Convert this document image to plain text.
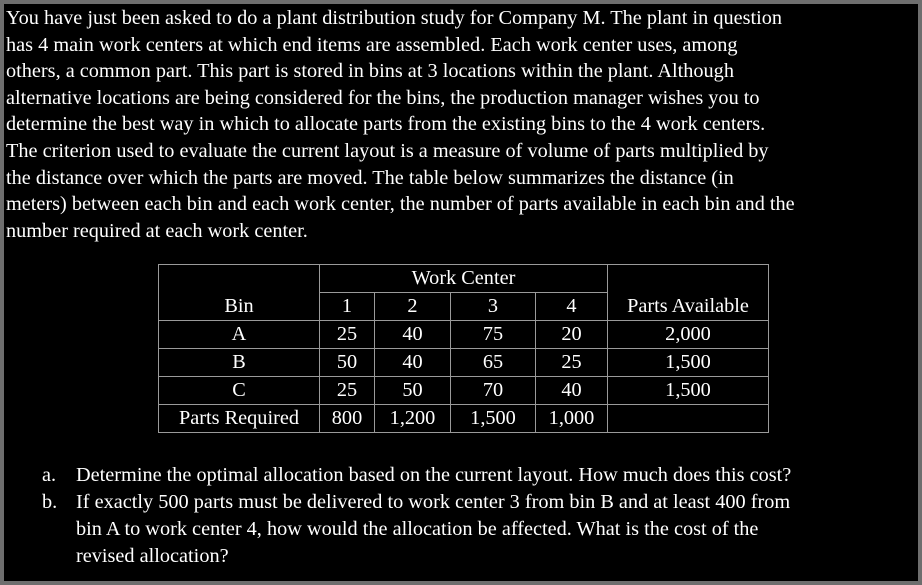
You have just been asked to do a plant distribution study for Company M. The plant in question
has 4 main work centers at which end items are assembled. Each work center uses, among
others, a common part. This part is stored in bins at 3 locations within the plant. Although
alternative locations are being considered for the bins, the production manager wishes you to
determine the best way in which to allocate parts from the existing bins to the 4 work centers.
The criterion used to evaluate the current layout is a measure of volume of parts multiplied by
the distance over which the parts are moved. The table below summarizes the distance (in
meters) between each bin and each work center, the number of parts available in each bin and the
number required at each work center.

	Work Center				
Bin	1	2	3	4	Parts Available
A	25	40	75	20	2,000
B	50	40	65	25	1,500
C	25	50	70	40	1,500
Parts Required	800	1,200	1,500	1,000	
a. Determine the optimal allocation based on the current layout. How much does this cost?
b. If exactly 500 parts must be delivered to work center 3 from bin B and at least 400 from
bin A to work center 4, how would the allocation be affected. What is the cost of the
revised allocation?
